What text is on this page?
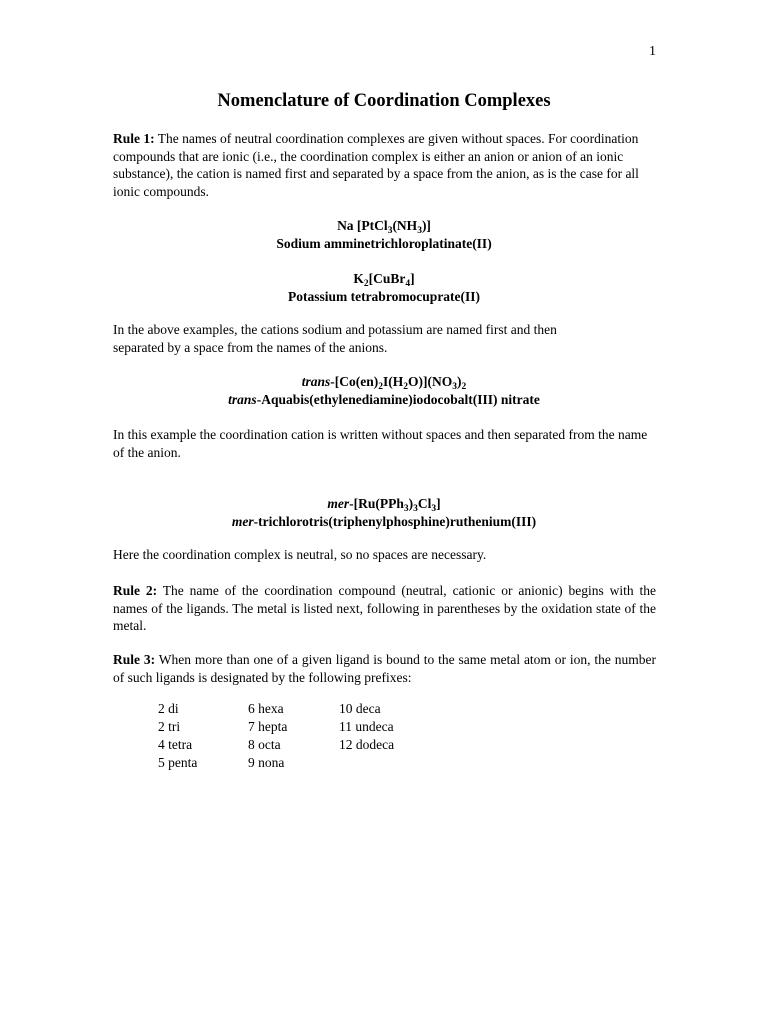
1
Nomenclature of Coordination Complexes
Rule 1: The names of neutral coordination complexes are given without spaces. For coordination compounds that are ionic (i.e., the coordination complex is either an anion or anion of an ionic substance), the cation is named first and separated by a space from the anion, as is the case for all ionic compounds.
Na $[PtCl_3(NH_3)]$
Sodium amminetrichloroplatinate(II)
$K_2[CuBr_4]$
Potassium tetrabromocuprate(II)
In the above examples, the cations sodium and potassium are named first and then separated by a space from the names of the anions.
trans-$[Co(en)_2I(H_2O)](NO_3)_2$
trans-Aquabis(ethylenediamine)iodocobalt(III) nitrate
In this example the coordination cation is written without spaces and then separated from the name of the anion.
mer-$[Ru(PPh_3)_3Cl_3]$
mer-trichlorotris(triphenylphosphine)ruthenium(III)
Here the coordination complex is neutral, so no spaces are necessary.
Rule 2: The name of the coordination compound (neutral, cationic or anionic) begins with the names of the ligands. The metal is listed next, following in parentheses by the oxidation state of the metal.
Rule 3: When more than one of a given ligand is bound to the same metal atom or ion, the number of such ligands is designated by the following prefixes:
2 di	6 hexa	10 deca
2 tri	7 hepta	11 undeca
4 tetra	8 octa	12 dodeca
5 penta	9 nona	
